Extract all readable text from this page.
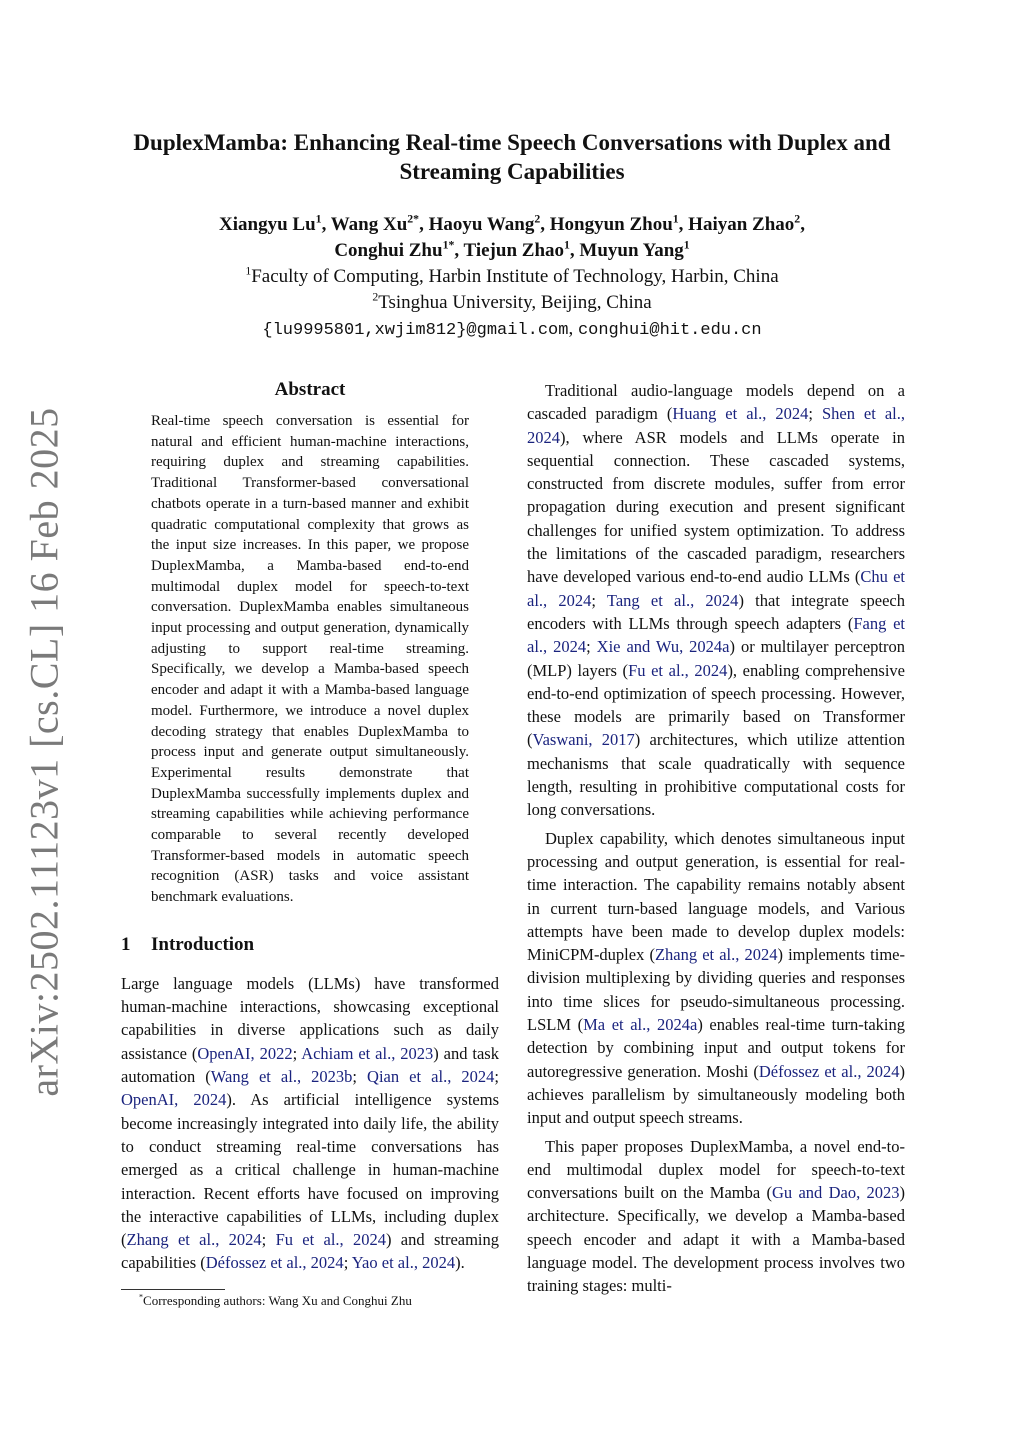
arXiv:2502.11123v1 [cs.CL] 16 Feb 2025
DuplexMamba: Enhancing Real-time Speech Conversations with Duplex and Streaming Capabilities
Xiangyu Lu$^1$, Wang $Xu^{2*}$, Haoyu Wang$^2$, Hongyun Zhou$^1$, Haiyan Zhao$^2$,
Conghui Zhu$^{1*}$, Tiejun Zhao$^1$, Muyun Yang$^1$
$^1$Faculty of Computing, Harbin Institute of Technology, Harbin, China
$^2$Tsinghua University, Beijing, China
{lu9995801,xwjim812}@gmail.com, conghui@hit.edu.cn
Abstract

Real-time speech conversation is essential for natural and efficient human-machine interactions, requiring duplex and streaming capabilities. Traditional Transformer-based conversational chatbots operate in a turn-based manner and exhibit quadratic computational complexity that grows as the input size increases. In this paper, we propose DuplexMamba, a Mamba-based end-to-end multimodal duplex model for speech-to-text conversation. DuplexMamba enables simultaneous input processing and output generation, dynamically adjusting to support real-time streaming. Specifically, we develop a Mamba-based speech encoder and adapt it with a Mamba-based language model. Furthermore, we introduce a novel duplex decoding strategy that enables DuplexMamba to process input and generate output simultaneously. Experimental results demonstrate that DuplexMamba successfully implements duplex and streaming capabilities while achieving performance comparable to several recently developed Transformer-based models in automatic speech recognition (ASR) tasks and voice assistant benchmark evaluations.

1 Introduction

Large language models (LLMs) have transformed human-machine interactions, showcasing exceptional capabilities in diverse applications such as daily assistance (OpenAI, 2022; Achiam et al., 2023) and task automation (Wang et al., 2023b; Qian et al., 2024; OpenAI, 2024). As artificial intelligence systems become increasingly integrated into daily life, the ability to conduct streaming real-time conversations has emerged as a critical challenge in human-machine interaction. Recent efforts have focused on improving the interactive capabilities of LLMs, including duplex (Zhang et al., 2024; Fu et al., 2024) and streaming capabilities (Défossez et al., 2024; Yao et al., 2024).

*Corresponding authors: Wang Xu and Conghui Zhu

Traditional audio-language models depend on a cascaded paradigm (Huang et al., 2024; Shen et al., 2024), where ASR models and LLMs operate in sequential connection. These cascaded systems, constructed from discrete modules, suffer from error propagation during execution and present significant challenges for unified system optimization. To address the limitations of the cascaded paradigm, researchers have developed various end-to-end audio LLMs (Chu et al., 2024; Tang et al., 2024) that integrate speech encoders with LLMs through speech adapters (Fang et al., 2024; Xie and Wu, 2024a) or multilayer perceptron (MLP) layers (Fu et al., 2024), enabling comprehensive end-to-end optimization of speech processing. However, these models are primarily based on Transformer (Vaswani, 2017) architectures, which utilize attention mechanisms that scale quadratically with sequence length, resulting in prohibitive computational costs for long conversations.

Duplex capability, which denotes simultaneous input processing and output generation, is essential for real-time interaction. The capability remains notably absent in current turn-based language models, and Various attempts have been made to develop duplex models: MiniCPM-duplex (Zhang et al., 2024) implements time-division multiplexing by dividing queries and responses into time slices for pseudo-simultaneous processing. LSLM (Ma et al., 2024a) enables real-time turn-taking detection by combining input and output tokens for autoregressive generation. Moshi (Défossez et al., 2024) achieves parallelism by simultaneously modeling both input and output speech streams.

This paper proposes DuplexMamba, a novel end-to-end multimodal duplex model for speech-to-text conversations built on the Mamba (Gu and Dao, 2023) architecture. Specifically, we develop a Mamba-based speech encoder and adapt it with a Mamba-based language model. The development process involves two training stages: multi-
